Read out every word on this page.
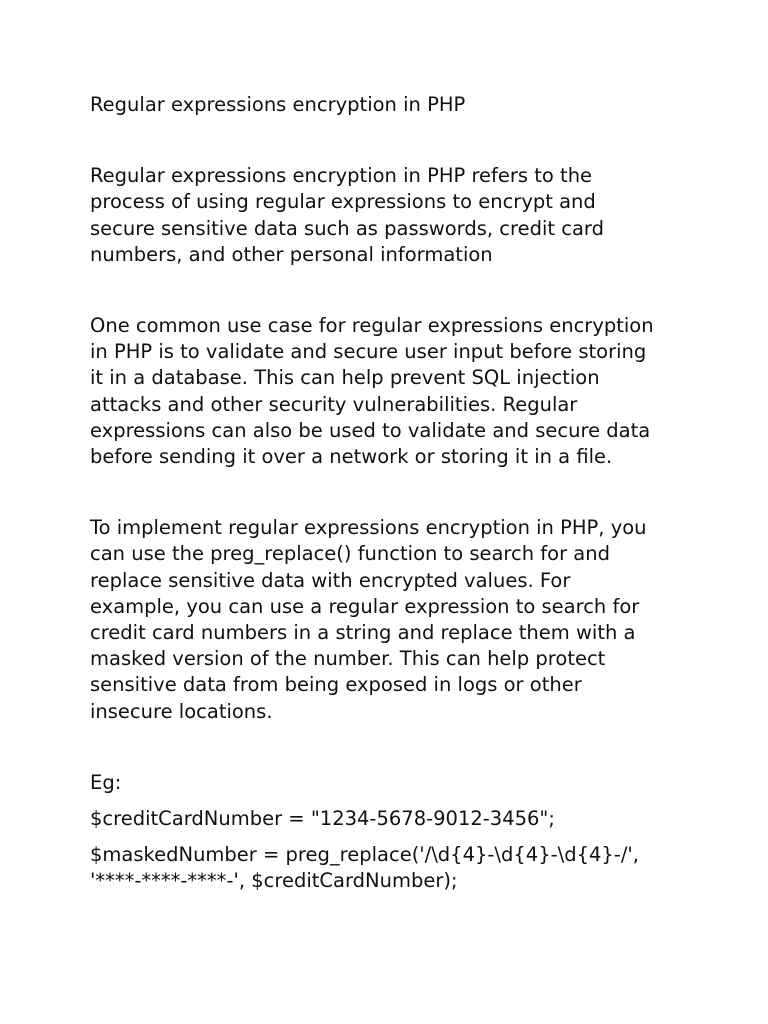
Regular expressions encryption in PHP

Regular expressions encryption in PHP refers to the
process of using regular expressions to encrypt and
secure sensitive data such as passwords, credit card
numbers, and other personal information

One common use case for regular expressions encryption
in PHP is to validate and secure user input before storing
it in a database. This can help prevent SQL injection
attacks and other security vulnerabilities. Regular
expressions can also be used to validate and secure data
before sending it over a network or storing it in a file.

To implement regular expressions encryption in PHP, you
can use the preg_replace() function to search for and
replace sensitive data with encrypted values. For
example, you can use a regular expression to search for
credit card numbers in a string and replace them with a
masked version of the number. This can help protect
sensitive data from being exposed in logs or other
insecure locations.

Eg:

$creditCardNumber = "1234-5678-9012-3456";

$maskedNumber = preg_replace('/\d{4}-\d{4}-\d{4}-/',
'****-****-****-', $creditCardNumber);
